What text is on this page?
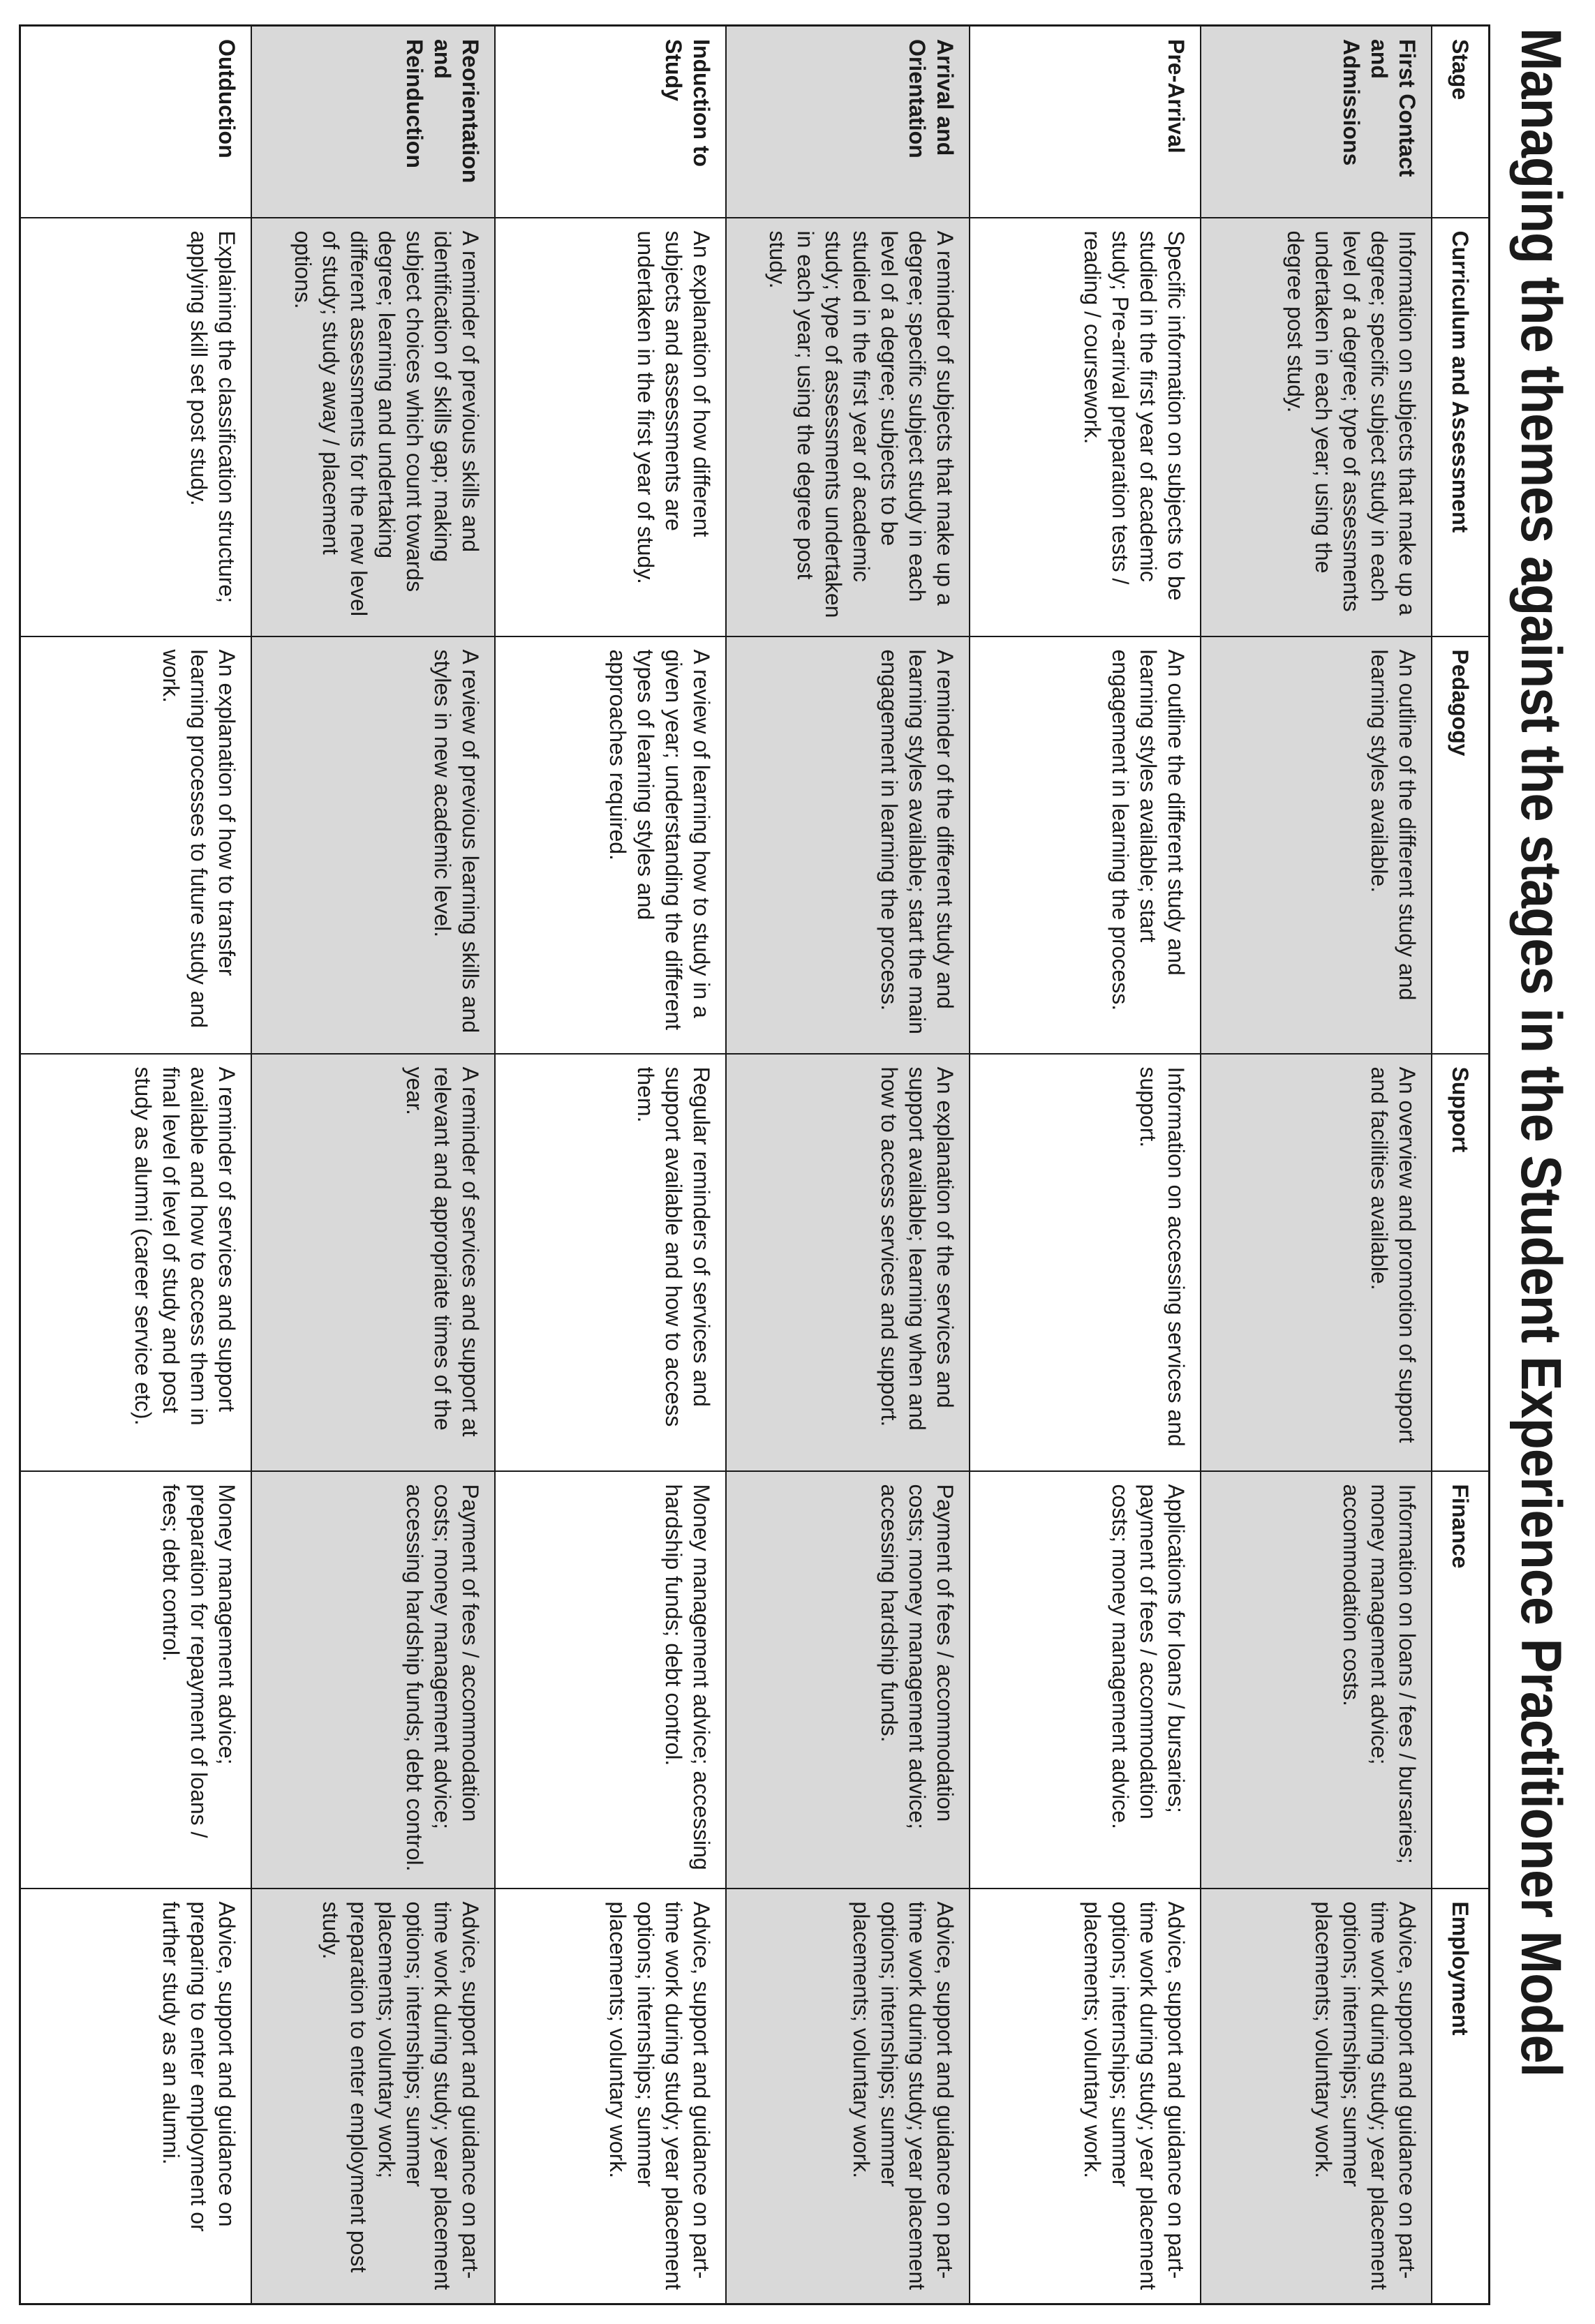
Managing the themes against the stages in the Student Experience Practitioner Model
Stage	Curriculum and Assessment	Pedagogy	Support	Finance	Employment
First Contact and Admissions	Information on subjects that make up a degree; specific subject study in each level of a degree; type of assessments undertaken in each year; using the degree post study.	An outline of the different study and learning styles available.	An overview and promotion of support and facilities available.	Information on loans / fees / bursaries; money management advice; accommodation costs.	Advice, support and guidance on part-time work during study; year placement options; internships; summer placements; voluntary work.
Pre-Arrival	Specific information on subjects to be studied in the first year of academic study; Pre-arrival preparation tests / reading / coursework.	An outline the different study and learning styles available; start engagement in learning the process.	Information on accessing services and support.	Applications for loans / bursaries; payment of fees / accommodation costs; money management advice.	Advice, support and guidance on part-time work during study; year placement options; internships; summer placements; voluntary work.
Arrival and Orientation	A reminder of subjects that make up a degree; specific subject study in each level of a degree; subjects to be studied in the first year of academic study; type of assessments undertaken in each year; using the degree post study.	A reminder of the different study and learning styles available; start the main engagement in learning the process.	An explanation of the services and support available; learning when and how to access services and support.	Payment of fees / accommodation costs; money management advice; accessing hardship funds.	Advice, support and guidance on part-time work during study; year placement options; internships; summer placements; voluntary work.
Induction to Study	An explanation of how different subjects and assessments are undertaken in the first year of study.	A review of learning how to study in a given year; understanding the different types of learning styles and approaches required.	Regular reminders of services and support available and how to access them.	Money management advice; accessing hardship funds; debt control.	Advice, support and guidance on part-time work during study; year placement options; internships; summer placements; voluntary work.
Reorientation and Reinduction	A reminder of previous skills and identification of skills gap; making subject choices which count towards degree; learning and undertaking different assessments for the new level of study; study away / placement options.	A review of previous learning skills and styles in new academic level.	A reminder of services and support at relevant and appropriate times of the year.	Payment of fees / accommodation costs; money management advice; accessing hardship funds; debt control.	Advice, support and guidance on part-time work during study; year placement options; internships; summer placements; voluntary work; preparation to enter employment post study.
Outduction	Explaining the classification structure; applying skill set post study.	An explanation of how to transfer learning processes to future study and work.	A reminder of services and support available and how to access them in final level of level of study and post study as alumni (career service etc).	Money management advice; preparation for repayment of loans / fees; debt control.	Advice, support and guidance on preparing to enter employment or further study as an alumni.
